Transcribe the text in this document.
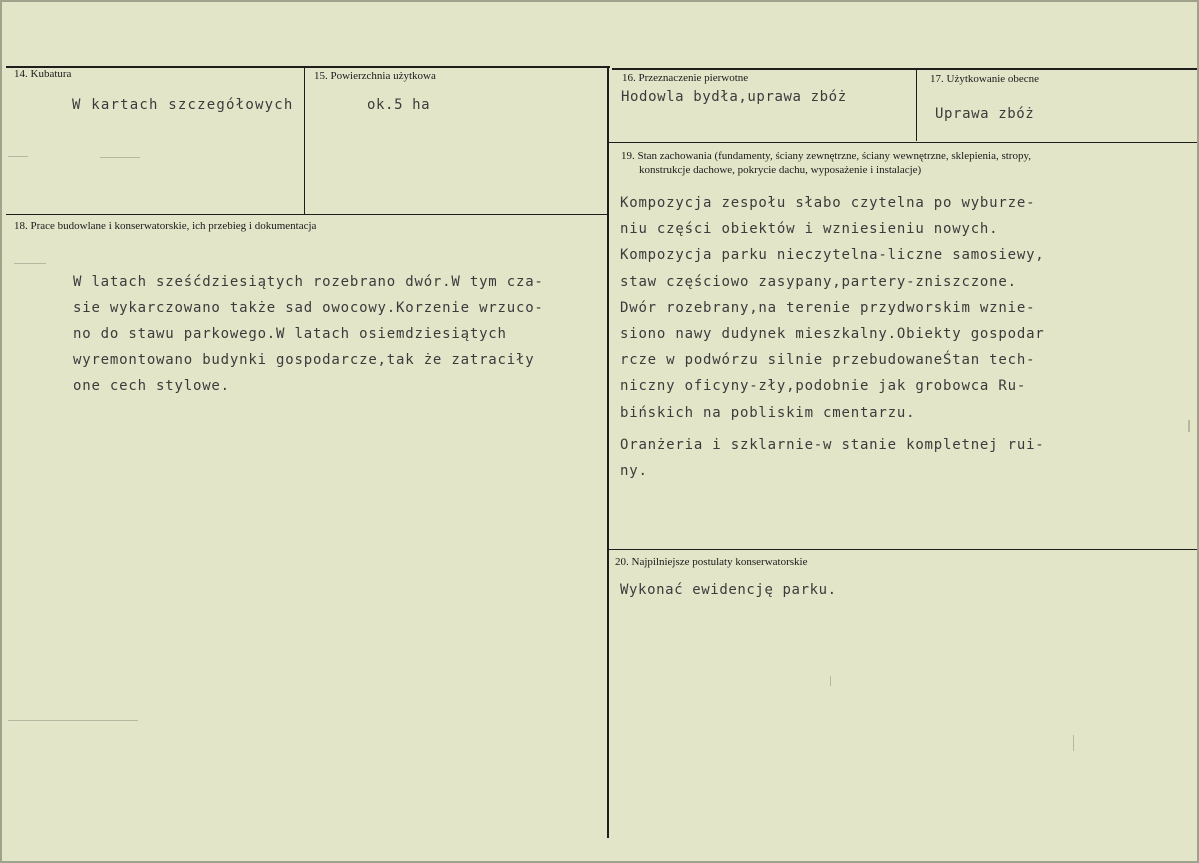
14. Kubatura
W kartach szczegółowych
15. Powierzchnia użytkowa
ok.5 ha
16. Przeznaczenie pierwotne
Hodowla bydła,uprawa zbóż
17. Użytkowanie obecne
Uprawa zbóż
18. Prace budowlane i konserwatorskie, ich przebieg i dokumentacja
W latach sześćdziesiątych rozebrano dwór.W tym cza-
sie wykarczowano także sad owocowy.Korzenie wrzuco-
no do stawu parkowego.W latach osiemdziesiątych
wyremontowano budynki gospodarcze,tak że zatraciły
one cech stylowe.
19. Stan zachowania (fundamenty, ściany zewnętrzne, ściany wewnętrzne, sklepienia, stropy,
konstrukcje dachowe, pokrycie dachu, wyposażenie i instalacje)
Kompozycja zespołu słabo czytelna po wyburze-
niu części obiektów i wzniesieniu nowych.
Kompozycja parku nieczytelna-liczne samosiewy,
staw częściowo zasypany,partery-zniszczone.
Dwór rozebrany,na terenie przydworskim wznie-
siono nawy dudynek mieszkalny.Obiekty gospodar
rcze w podwórzu silnie przebudowaneŚtan tech-
niczny oficyny-zły,podobnie jak grobowca Ru-
bińskich na pobliskim cmentarzu.
Oranżeria i szklarnie-w stanie kompletnej rui-
ny.
20. Najpilniejsze postulaty konserwatorskie
Wykonać ewidencję parku.
